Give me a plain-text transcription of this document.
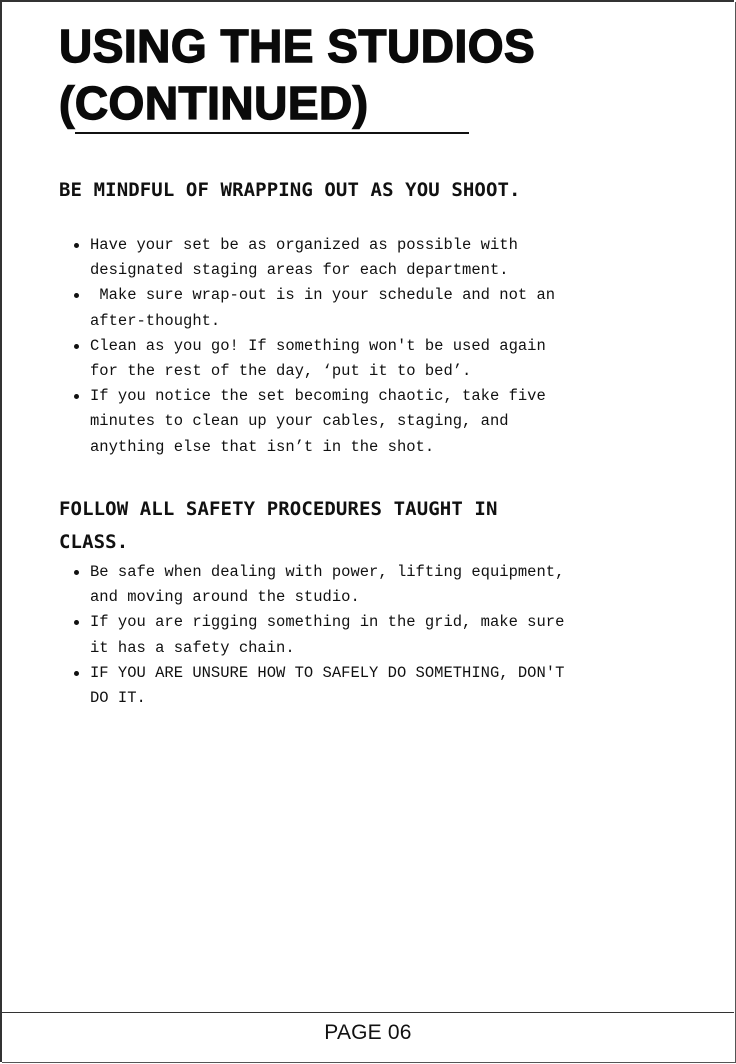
USING THE STUDIOS
(CONTINUED)
BE MINDFUL OF WRAPPING OUT AS YOU SHOOT.
Have your set be as organized as possible with
designated staging areas for each department.
Make sure wrap-out is in your schedule and not an
after-thought.
Clean as you go! If something won't be used again
for the rest of the day, ‘put it to bed’.
If you notice the set becoming chaotic, take five
minutes to clean up your cables, staging, and
anything else that isn’t in the shot.
FOLLOW ALL SAFETY PROCEDURES TAUGHT IN
CLASS.
Be safe when dealing with power, lifting equipment,
and moving around the studio.
If you are rigging something in the grid, make sure
it has a safety chain.
IF YOU ARE UNSURE HOW TO SAFELY DO SOMETHING, DON'T
DO IT.
PAGE 06
